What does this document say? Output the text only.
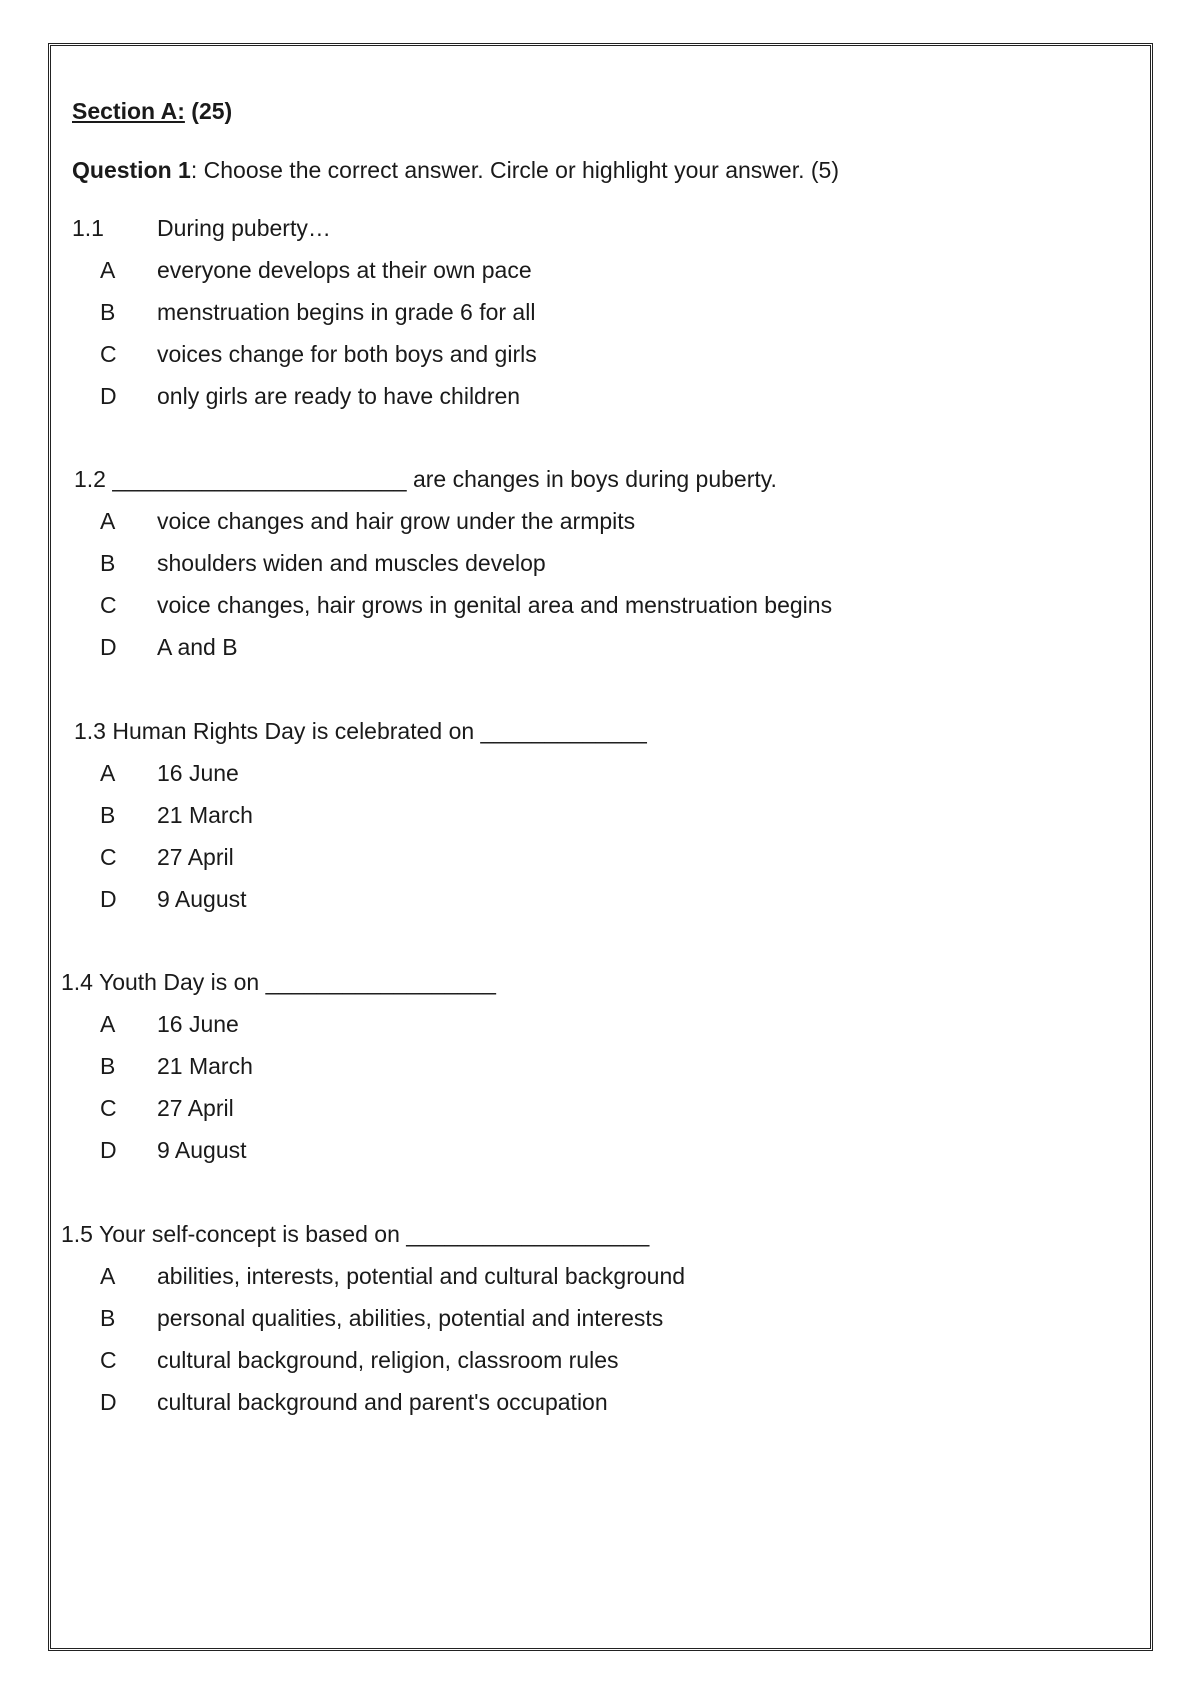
Section A: (25)
Question 1: Choose the correct answer. Circle or highlight your answer. (5)
1.1 During puberty…
A	everyone develops at their own pace
B	menstruation begins in grade 6 for all
C	voices change for both boys and girls
D	only girls are ready to have children
1.2 _______________________ are changes in boys during puberty.
A	voice changes and hair grow under the armpits
B	shoulders widen and muscles develop
C	voice changes, hair grows in genital area and menstruation begins
D	A and B
1.3 Human Rights Day is celebrated on _____________
A	16 June
B	21 March
C	27 April
D	9 August
1.4 Youth Day is on __________________
A	16 June
B	21 March
C	27 April
D	9 August
1.5 Your self-concept is based on ___________________
A	abilities, interests, potential and cultural background
B	personal qualities, abilities, potential and interests
C	cultural background, religion, classroom rules
D	cultural background and parent's occupation
